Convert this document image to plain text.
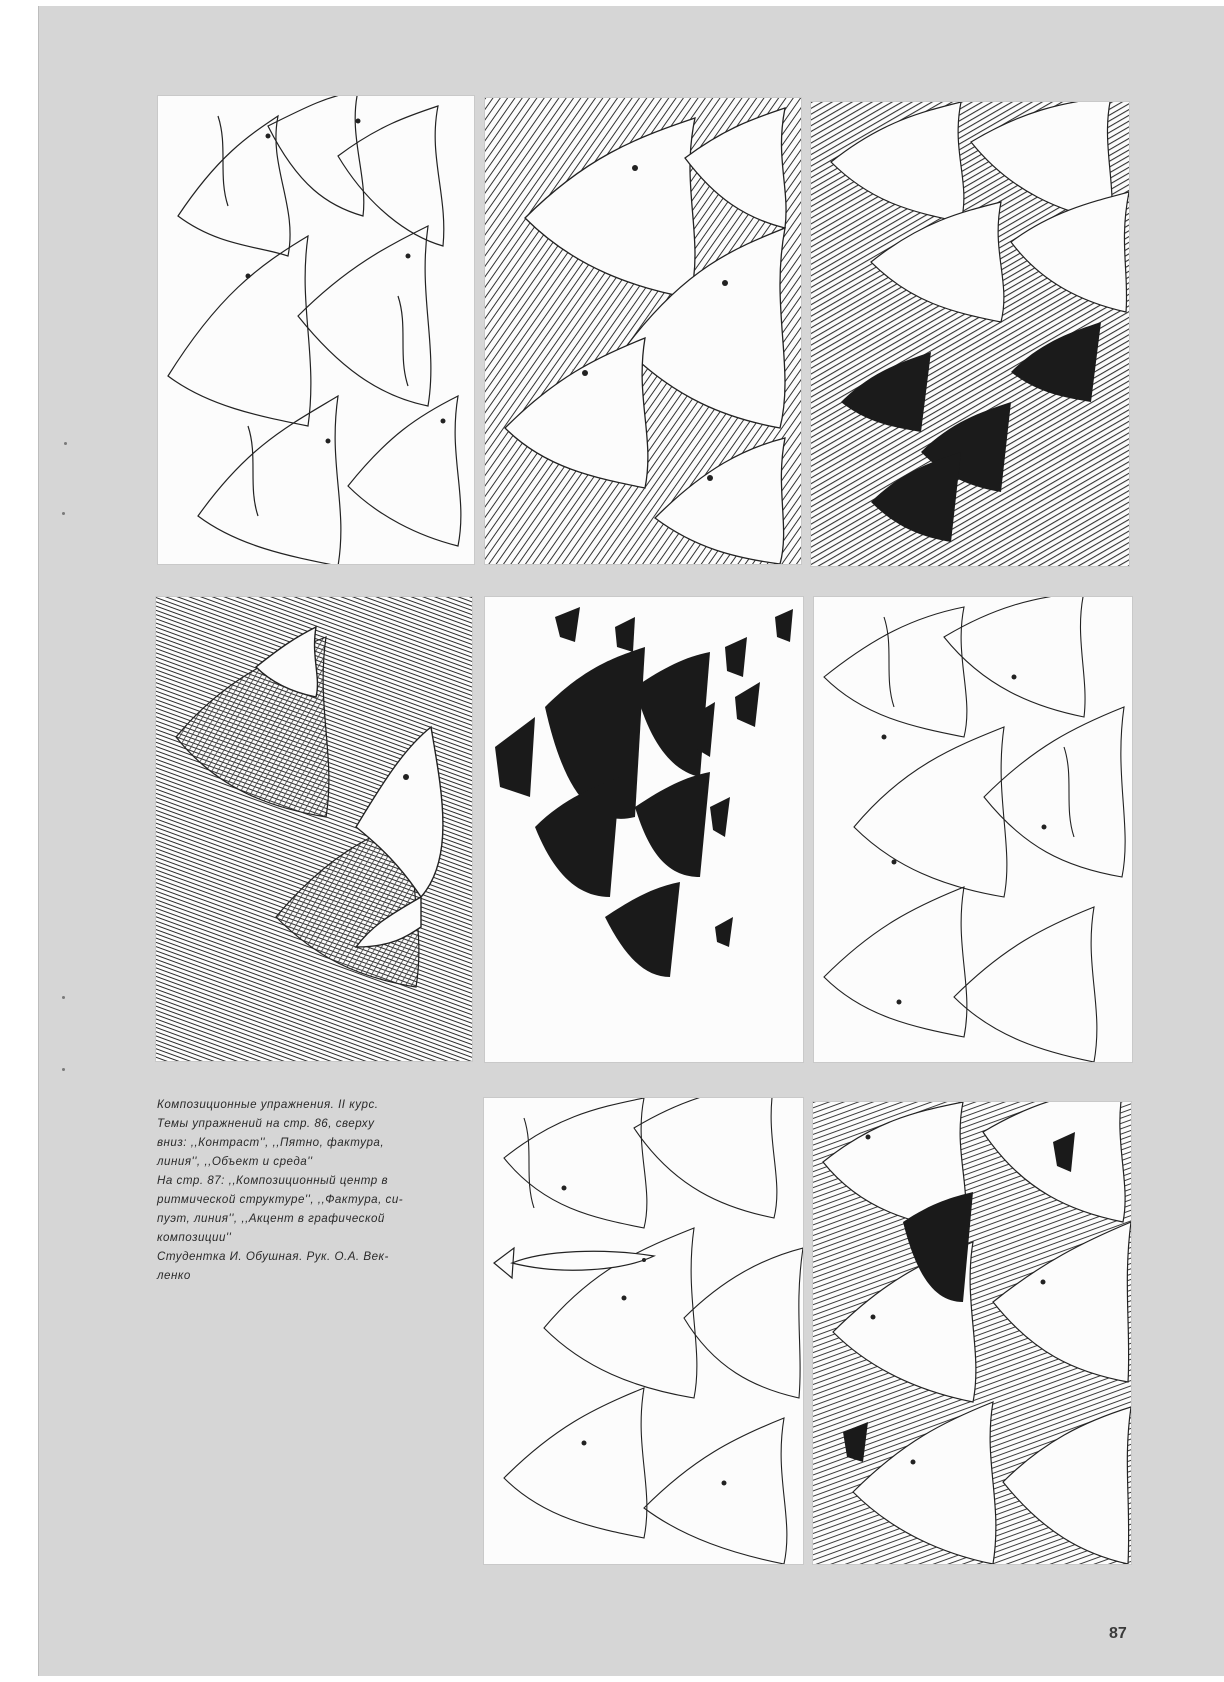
Композиционные упражнения. II курс.

Темы упражнений на стр. 86, сверху

вниз: ,,Контраст'', ,,Пятно, фактура,

линия'', ,,Объект и среда''

На стр. 87: ,,Композиционный центр в

ритмической структуре'', ,,Фактура, си-

пуэт, линия'', ,,Акцент в графической

композиции''

Студентка И. Обушная. Рук. О.А. Век-

ленко

87
